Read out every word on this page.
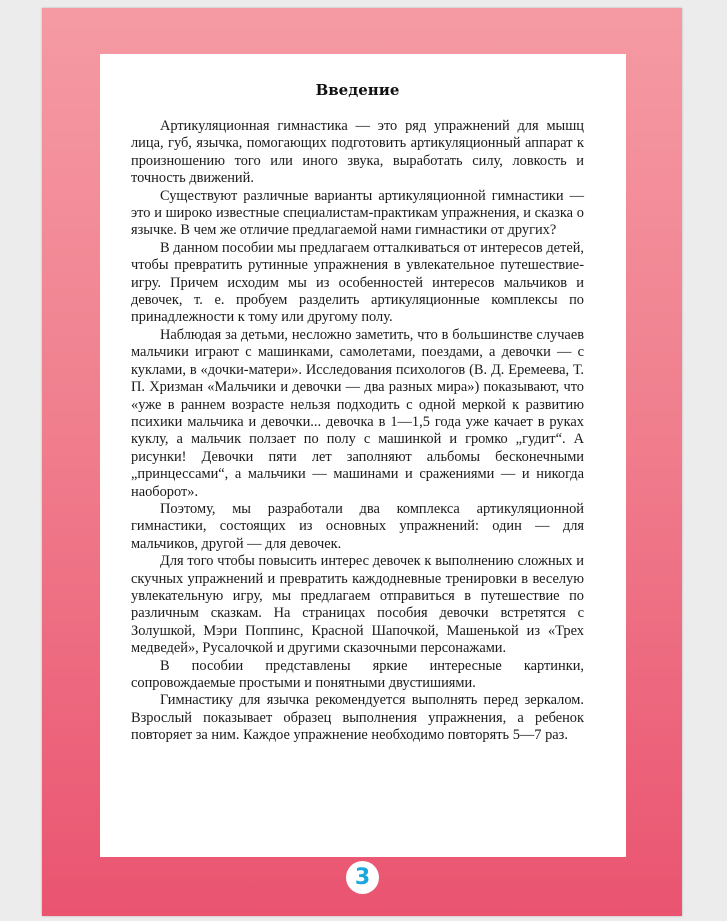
Введение

Артикуляционная гимнастика — это ряд упражнений для мышц лица, губ, язычка, помогающих подготовить артикуляционный аппарат к произношению того или иного звука, выработать силу, ловкость и точность движений.

Существуют различные варианты артикуляционной гимнастики — это и широко известные специалистам-практикам упражнения, и сказка о язычке. В чем же отличие предлагаемой нами гимнастики от других?

В данном пособии мы предлагаем отталкиваться от интересов детей, чтобы превратить рутинные упражнения в увлекательное путешествие-игру. Причем исходим мы из особенностей интересов мальчиков и девочек, т. е. пробуем разделить артикуляционные комплексы по принадлежности к тому или другому полу.

Наблюдая за детьми, несложно заметить, что в большинстве случаев мальчики играют с машинками, самолетами, поездами, а девочки — с куклами, в «дочки-матери». Исследования психологов (В. Д. Еремеева, Т. П. Хризман «Мальчики и девочки — два разных мира») показывают, что «уже в раннем возрасте нельзя подходить с одной меркой к развитию психики мальчика и девочки... девочка в 1—1,5 года уже качает в руках куклу, а мальчик ползает по полу с машинкой и громко „гудит“. А рисунки! Девочки пяти лет заполняют альбомы бесконечными „принцессами“, а мальчики — машинами и сражениями — и никогда наоборот».

Поэтому, мы разработали два комплекса артикуляционной гимнастики, состоящих из основных упражнений: один — для мальчиков, другой — для девочек.

Для того чтобы повысить интерес девочек к выполнению сложных и скучных упражнений и превратить каждодневные тренировки в веселую увлекательную игру, мы предлагаем отправиться в путешествие по различным сказкам. На страницах пособия девочки встретятся с Золушкой, Мэри Поппинс, Красной Шапочкой, Машенькой из «Трех медведей», Русалочкой и другими сказочными персонажами.

В пособии представлены яркие интересные картинки, сопровождаемые простыми и понятными двустишиями.

Гимнастику для язычка рекомендуется выполнять перед зеркалом. Взрослый показывает образец выполнения упражнения, а ребенок повторяет за ним. Каждое упражнение необходимо повторять 5—7 раз.

3
